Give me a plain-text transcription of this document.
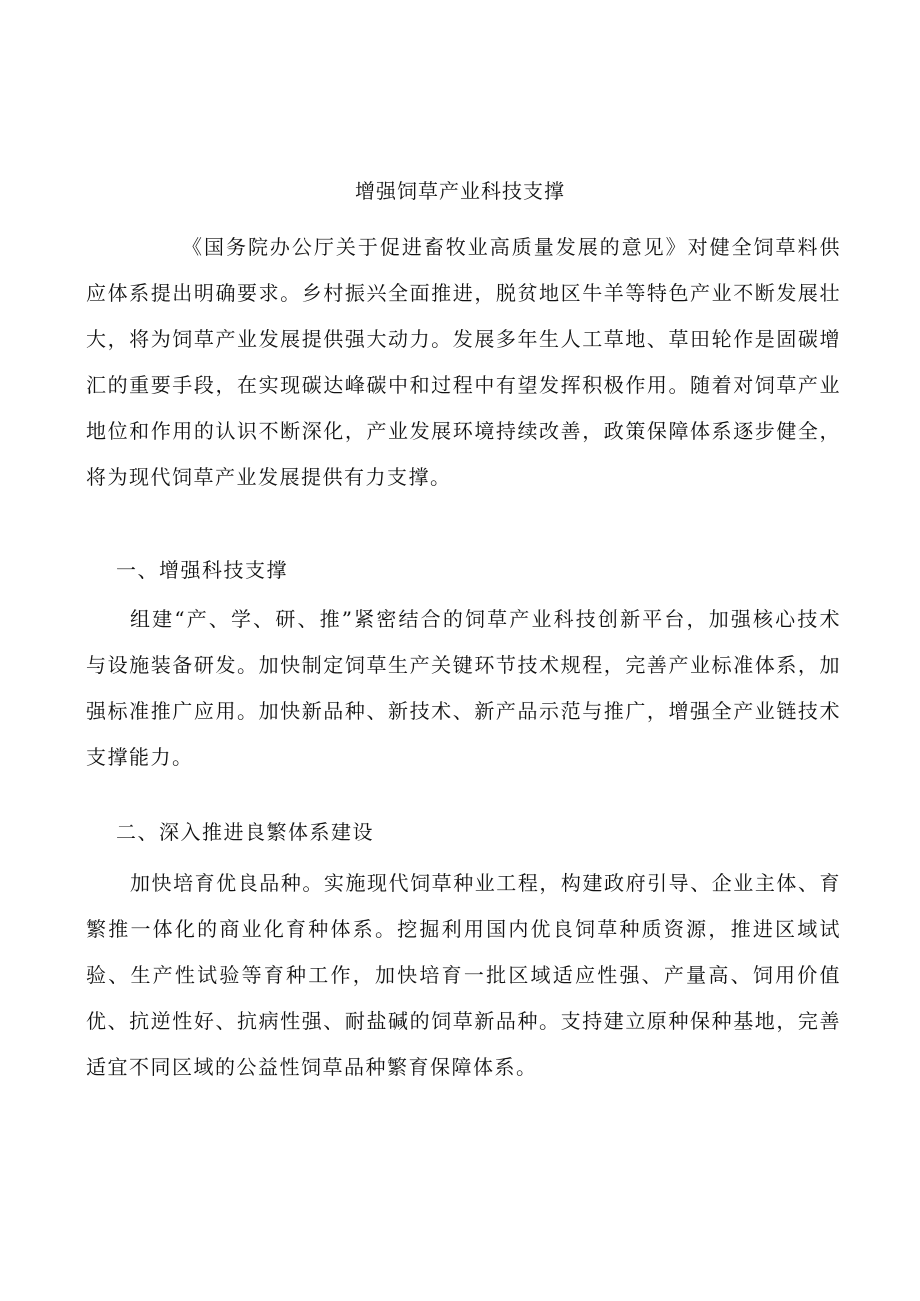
增强饲草产业科技支撑

《国务院办公厅关于促进畜牧业高质量发展的意见》对健全饲草料供应体系提出明确要求。乡村振兴全面推进，脱贫地区牛羊等特色产业不断发展壮大，将为饲草产业发展提供强大动力。发展多年生人工草地、草田轮作是固碳增汇的重要手段，在实现碳达峰碳中和过程中有望发挥积极作用。随着对饲草产业地位和作用的认识不断深化，产业发展环境持续改善，政策保障体系逐步健全，将为现代饲草产业发展提供有力支撑。

一、增强科技支撑

组建“产、学、研、推”紧密结合的饲草产业科技创新平台，加强核心技术与设施装备研发。加快制定饲草生产关键环节技术规程，完善产业标准体系，加强标准推广应用。加快新品种、新技术、新产品示范与推广，增强全产业链技术支撑能力。

二、深入推进良繁体系建设

加快培育优良品种。实施现代饲草种业工程，构建政府引导、企业主体、育繁推一体化的商业化育种体系。挖掘利用国内优良饲草种质资源，推进区域试验、生产性试验等育种工作，加快培育一批区域适应性强、产量高、饲用价值优、抗逆性好、抗病性强、耐盐碱的饲草新品种。支持建立原种保种基地，完善适宜不同区域的公益性饲草品种繁育保障体系。
